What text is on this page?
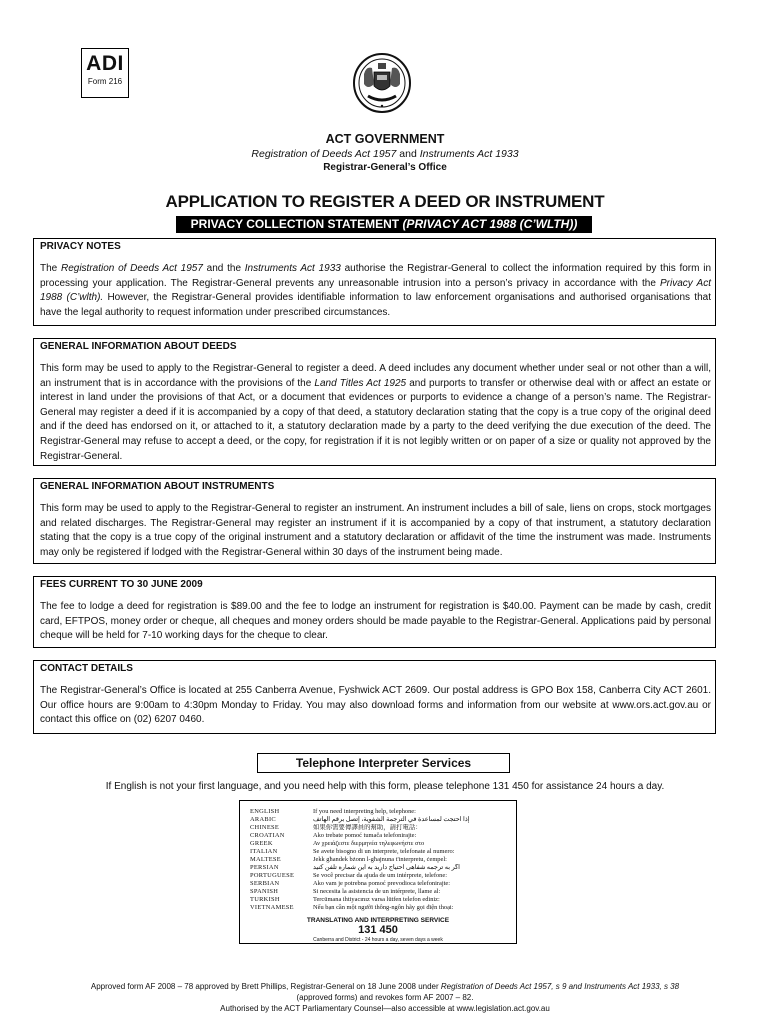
ADI
Form 216
ACT GOVERNMENT
Registration of Deeds Act 1957 and Instruments Act 1933
Registrar-General’s Office
APPLICATION TO REGISTER A DEED OR INSTRUMENT
PRIVACY COLLECTION STATEMENT (PRIVACY ACT 1988 (C’WLTH))
PRIVACY NOTES
The Registration of Deeds Act 1957 and the Instruments Act 1933 authorise the Registrar-General to collect the information required by this form in processing your application. The Registrar-General prevents any unreasonable intrusion into a person’s privacy in accordance with the Privacy Act 1988 (C’wlth). However, the Registrar-General provides identifiable information to law enforcement organisations and authorised organisations that have the legal authority to request information under prescribed circumstances.
GENERAL INFORMATION ABOUT DEEDS
This form may be used to apply to the Registrar-General to register a deed. A deed includes any document whether under seal or not other than a will, an instrument that is in accordance with the provisions of the Land Titles Act 1925 and purports to transfer or otherwise deal with or affect an estate or interest in land under the provisions of that Act, or a document that evidences or purports to evidence a change of a person’s name. The Registrar-General may register a deed if it is accompanied by a copy of that deed, a statutory declaration stating that the copy is a true copy of the original deed and if the deed has endorsed on it, or attached to it, a statutory declaration made by a party to the deed verifying the due execution of the deed. The Registrar-General may refuse to accept a deed, or the copy, for registration if it is not legibly written or on paper of a size or quality not approved by the Registrar-General.
GENERAL INFORMATION ABOUT INSTRUMENTS
This form may be used to apply to the Registrar-General to register an instrument. An instrument includes a bill of sale, liens on crops, stock mortgages and related discharges. The Registrar-General may register an instrument if it is accompanied by a copy of that instrument, a statutory declaration stating that the copy is a true copy of the original instrument and a statutory declaration or affidavit of the time the instrument was made. Instruments may only be registered if lodged with the Registrar-General within 30 days of the instrument being made.
FEES CURRENT TO 30 JUNE 2009
The fee to lodge a deed for registration is $89.00 and the fee to lodge an instrument for registration is $40.00. Payment can be made by cash, credit card, EFTPOS, money order or cheque, all cheques and money orders should be made payable to the Registrar-General. Applications paid by personal cheque will be held for 7-10 working days for the cheque to clear.
CONTACT DETAILS
The Registrar-General’s Office is located at 255 Canberra Avenue, Fyshwick ACT 2609. Our postal address is GPO Box 158, Canberra City ACT 2601. Our office hours are 9:00am to 4:30pm Monday to Friday. You may also download forms and information from our website at www.ors.act.gov.au or contact this office on (02) 6207 0460.
Telephone Interpreter Services
If English is not your first language, and you need help with this form, please telephone 131 450 for assistance 24 hours a day.
ENGLISH	If you need interpreting help, telephone:
ARABIC	إذا احتجت لمساعدة في الترجمة الشفوية، إتصل برقم الهاتف
CHINESE	如果你需要傳譯員的幫助，請打電話：
CROATIAN	Ako trebate pomoć tumača telefonirajte:
GREEK	Αν χρειάζεστε διερμηνέα τηλεφωνήστε στο
ITALIAN	Se avete bisogno di un interprete, telefonate al numero:
MALTESE	Jekk għandek bżonn l-għajnuna t'interpretu, ċempel:
PERSIAN	اگر به ترجمه شفاهی احتیاج دارید به این شماره تلفن کنید
PORTUGUESE	Se você precisar da ajuda de um intérprete, telefone:
SERBIAN	Ako vam je potrebna pomoć prevodioca telefonirajte:
SPANISH	Si necesita la asistencia de un intérprete, llame al:
TURKISH	Tercümana ihtiyacınız varsa lütfen telefon ediniz:
VIETNAMESE	Nếu bạn cần một người thông-ngôn hãy gọi điện thoại:
TRANSLATING AND INTERPRETING SERVICE
131 450
Canberra and District - 24 hours a day, seven days a week
Approved form AF 2008 – 78 approved by Brett Phillips, Registrar-General on 18 June 2008 under Registration of Deeds Act 1957, s 9 and Instruments Act 1933, s 38
(approved forms) and revokes form AF 2007 – 82.
Authorised by the ACT Parliamentary Counsel—also accessible at www.legislation.act.gov.au
